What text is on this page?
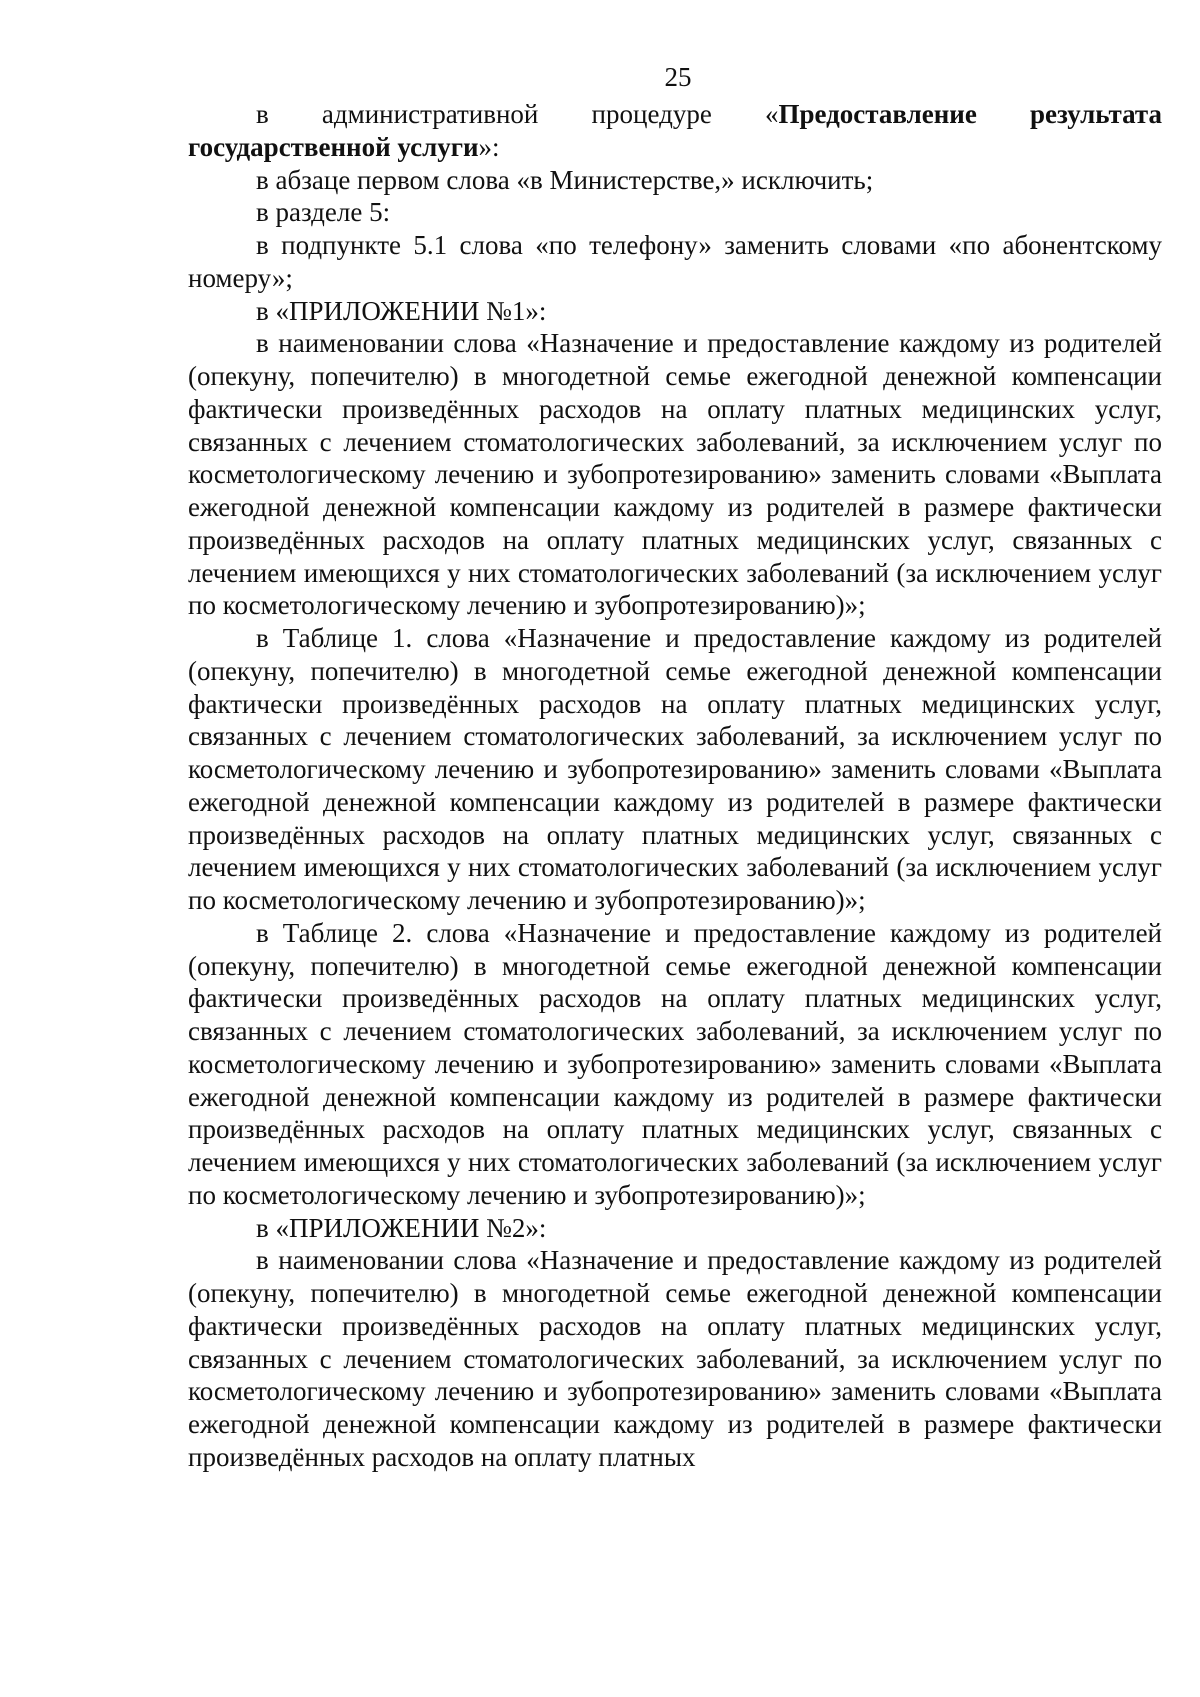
25

в административной процедуре «Предоставление результата государственной услуги»:

в абзаце первом слова «в Министерстве,» исключить;

в разделе 5:

в подпункте 5.1 слова «по телефону» заменить словами «по абонентскому номеру»;

в «ПРИЛОЖЕНИИ №1»:

в наименовании слова «Назначение и предоставление каждому из родителей (опекуну, попечителю) в многодетной семье ежегодной денежной компенсации фактически произведённых расходов на оплату платных медицинских услуг, связанных с лечением стоматологических заболеваний, за исключением услуг по косметологическому лечению и зубопротезированию» заменить словами «Выплата ежегодной денежной компенсации каждому из родителей в размере фактически произведённых расходов на оплату платных медицинских услуг, связанных с лечением имеющихся у них стоматологических заболеваний (за исключением услуг по косметологическому лечению и зубопротезированию)»;

в Таблице 1. слова «Назначение и предоставление каждому из родителей (опекуну, попечителю) в многодетной семье ежегодной денежной компенсации фактически произведённых расходов на оплату платных медицинских услуг, связанных с лечением стоматологических заболеваний, за исключением услуг по косметологическому лечению и зубопротезированию» заменить словами «Выплата ежегодной денежной компенсации каждому из родителей в размере фактически произведённых расходов на оплату платных медицинских услуг, связанных с лечением имеющихся у них стоматологических заболеваний (за исключением услуг по косметологическому лечению и зубопротезированию)»;

в Таблице 2. слова «Назначение и предоставление каждому из родителей (опекуну, попечителю) в многодетной семье ежегодной денежной компенсации фактически произведённых расходов на оплату платных медицинских услуг, связанных с лечением стоматологических заболеваний, за исключением услуг по косметологическому лечению и зубопротезированию» заменить словами «Выплата ежегодной денежной компенсации каждому из родителей в размере фактически произведённых расходов на оплату платных медицинских услуг, связанных с лечением имеющихся у них стоматологических заболеваний (за исключением услуг по косметологическому лечению и зубопротезированию)»;

в «ПРИЛОЖЕНИИ №2»:

в наименовании слова «Назначение и предоставление каждому из родителей (опекуну, попечителю) в многодетной семье ежегодной денежной компенсации фактически произведённых расходов на оплату платных медицинских услуг, связанных с лечением стоматологических заболеваний, за исключением услуг по косметологическому лечению и зубопротезированию» заменить словами «Выплата ежегодной денежной компенсации каждому из родителей в размере фактически произведённых расходов на оплату платных
